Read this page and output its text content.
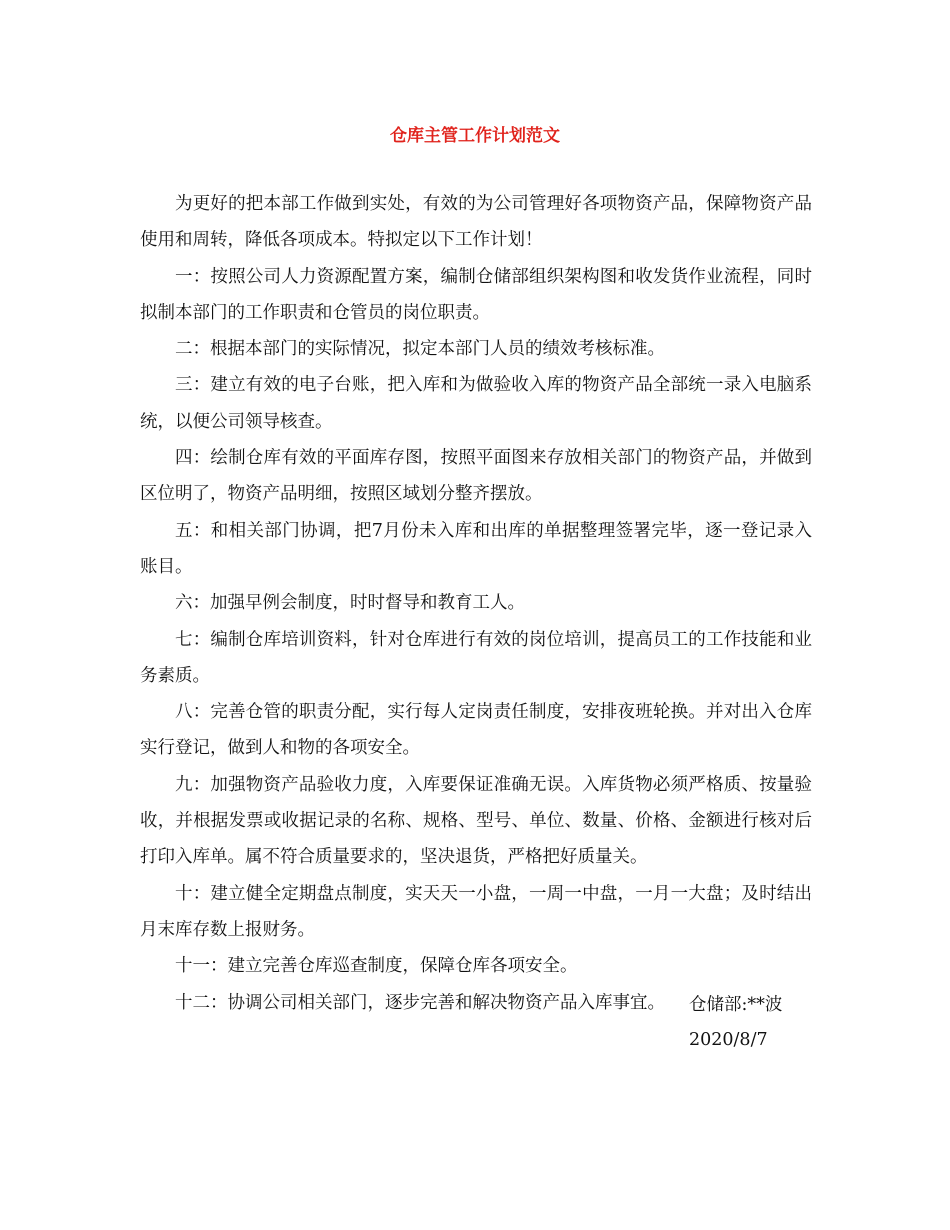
仓库主管工作计划范文

为更好的把本部工作做到实处，有效的为公司管理好各项物资产品，保障物资产品使用和周转，降低各项成本。特拟定以下工作计划！

一：按照公司人力资源配置方案，编制仓储部组织架构图和收发货作业流程，同时拟制本部门的工作职责和仓管员的岗位职责。

二：根据本部门的实际情况，拟定本部门人员的绩效考核标准。

三：建立有效的电子台账，把入库和为做验收入库的物资产品全部统一录入电脑系统，以便公司领导核查。

四：绘制仓库有效的平面库存图，按照平面图来存放相关部门的物资产品，并做到区位明了，物资产品明细，按照区域划分整齐摆放。

五：和相关部门协调，把7月份未入库和出库的单据整理签署完毕，逐一登记录入账目。

六：加强早例会制度，时时督导和教育工人。

七：编制仓库培训资料，针对仓库进行有效的岗位培训，提高员工的工作技能和业务素质。

八：完善仓管的职责分配，实行每人定岗责任制度，安排夜班轮换。并对出入仓库实行登记，做到人和物的各项安全。

九：加强物资产品验收力度，入库要保证准确无误。入库货物必须严格质、按量验收，并根据发票或收据记录的名称、规格、型号、单位、数量、价格、金额进行核对后打印入库单。属不符合质量要求的，坚决退货，严格把好质量关。

十：建立健全定期盘点制度，实天天一小盘，一周一中盘，一月一大盘；及时结出月末库存数上报财务。

十一：建立完善仓库巡查制度，保障仓库各项安全。

十二：协调公司相关部门，逐步完善和解决物资产品入库事宜。	仓储部:**波
2020/8/7
